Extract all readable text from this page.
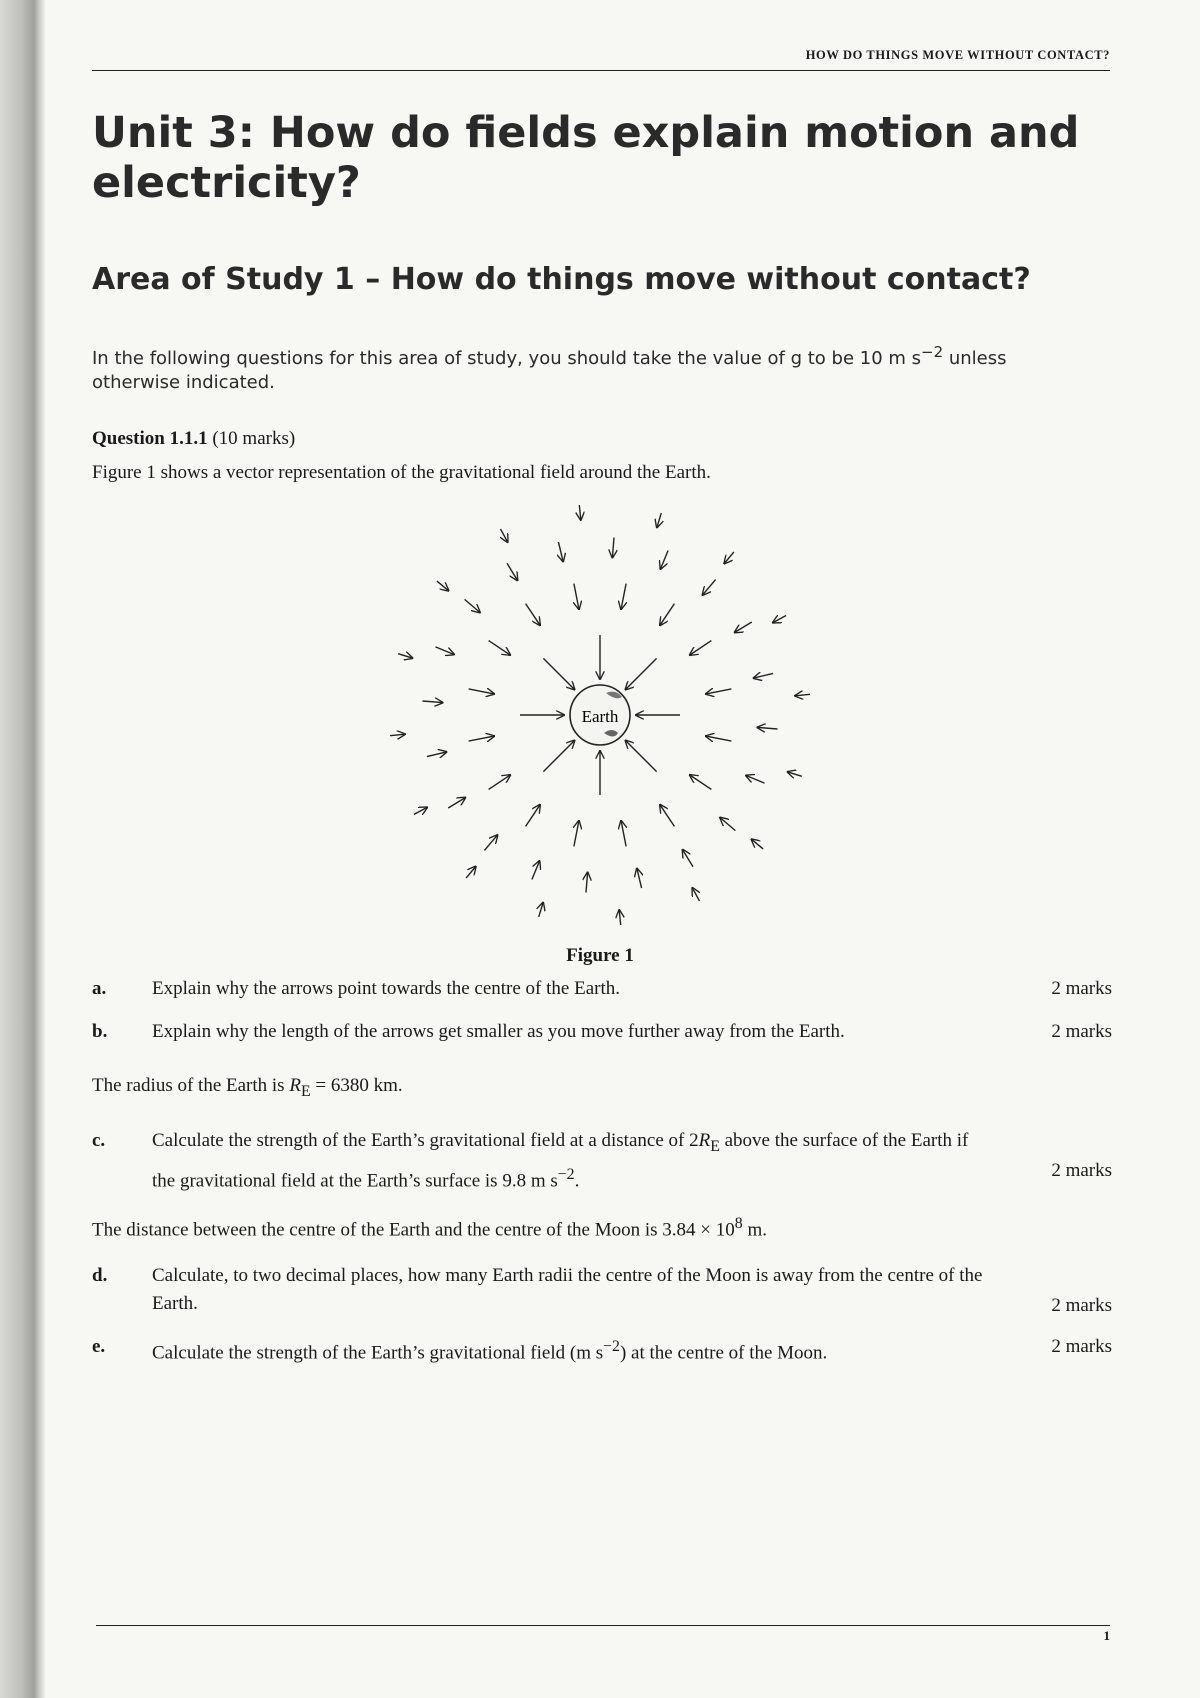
HOW DO THINGS MOVE WITHOUT CONTACT?
Unit 3: How do fields explain motion and electricity?
Area of Study 1 – How do things move without contact?
In the following questions for this area of study, you should take the value of g to be 10 m $s^{-2}$ unless otherwise indicated.
Question 1.1.1 (10 marks)
Figure 1 shows a vector representation of the gravitational field around the Earth.
Earth
Figure 1
a. Explain why the arrows point towards the centre of the Earth.	2 marks
b. Explain why the length of the arrows get smaller as you move further away from the Earth.	2 marks
The radius of the Earth is $R_E = 6380$ km.
c. Calculate the strength of the Earth’s gravitational field at a distance of $2R_E$ above the surface of the Earth if the gravitational field at the Earth’s surface is 9.8 m $s^{-2}$.	2 marks
The distance between the centre of the Earth and the centre of the Moon is $3.84 \times 10^8$ m.
d. Calculate, to two decimal places, how many Earth radii the centre of the Moon is away from the centre of the Earth.	2 marks
e. Calculate the strength of the Earth’s gravitational field (m $s^{-2}$) at the centre of the Moon.	2 marks
1
